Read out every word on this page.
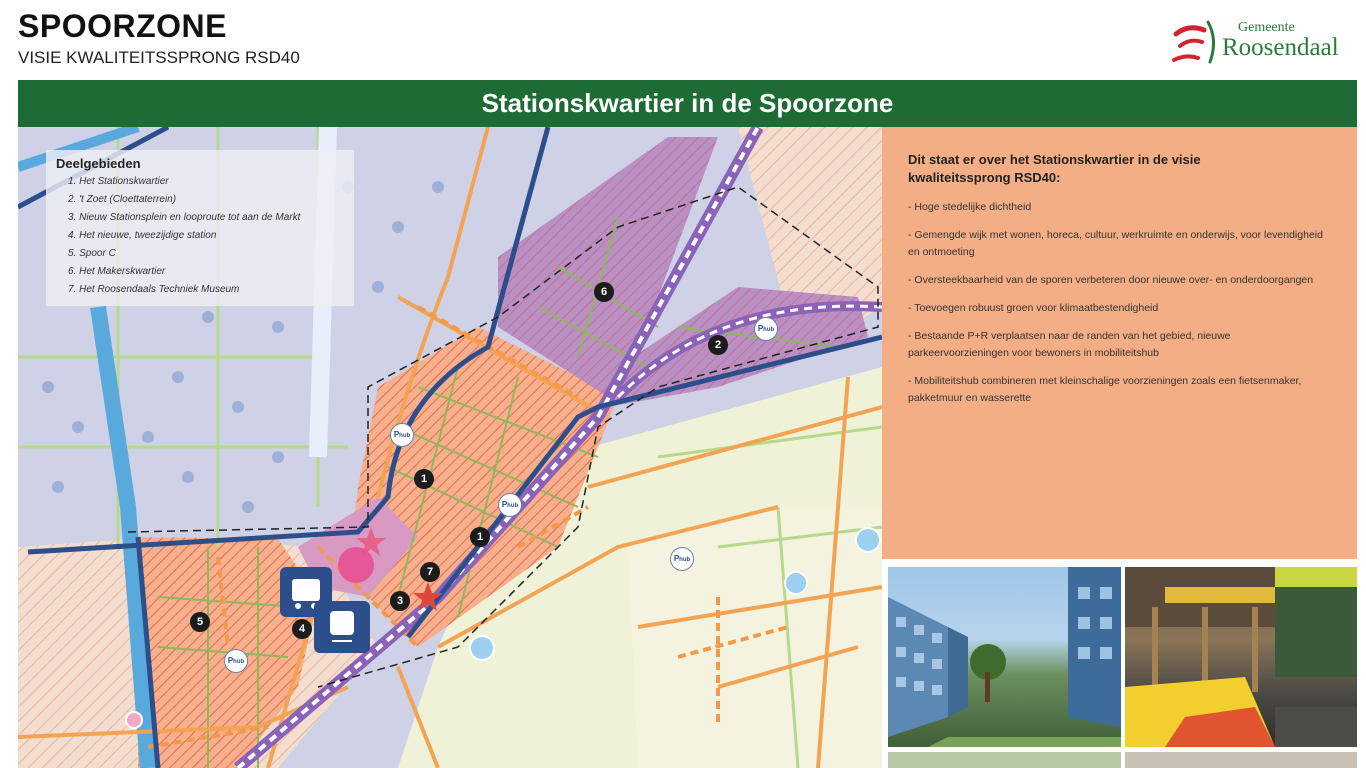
SPOORZONE
VISIE KWALITEITSSPRONG RSD40
Gemeente
Roosendaal
Stationskwartier in de Spoorzone
1
1
2
3
4
5
6
7
Phub
Phub
Phub
Phub
Phub
Deelgebieden
1. Het Stationskwartier
2. 't Zoet (Cloettaterrein)
3. Nieuw Stationsplein en looproute tot aan de Markt
4. Het nieuwe, tweezijdige station
5. Spoor C
6. Het Makerskwartier
7. Het Roosendaals Techniek Museum
Dit staat er over het Stationskwartier in de visie kwaliteitssprong RSD40:
- Hoge stedelijke dichtheid
- Gemengde wijk met wonen, horeca, cultuur, werkruimte en onderwijs, voor levendigheid en ontmoeting
- Oversteekbaarheid van de sporen verbeteren door nieuwe over- en onderdoorgangen
- Toevoegen robuust groen voor klimaatbestendigheid
- Bestaande P+R verplaatsen naar de randen van het gebied, nieuwe parkeervoorzieningen voor bewoners in mobiliteitshub
- Mobiliteitshub combineren met kleinschalige voorzieningen zoals een fietsenmaker, pakketmuur en wasserette
